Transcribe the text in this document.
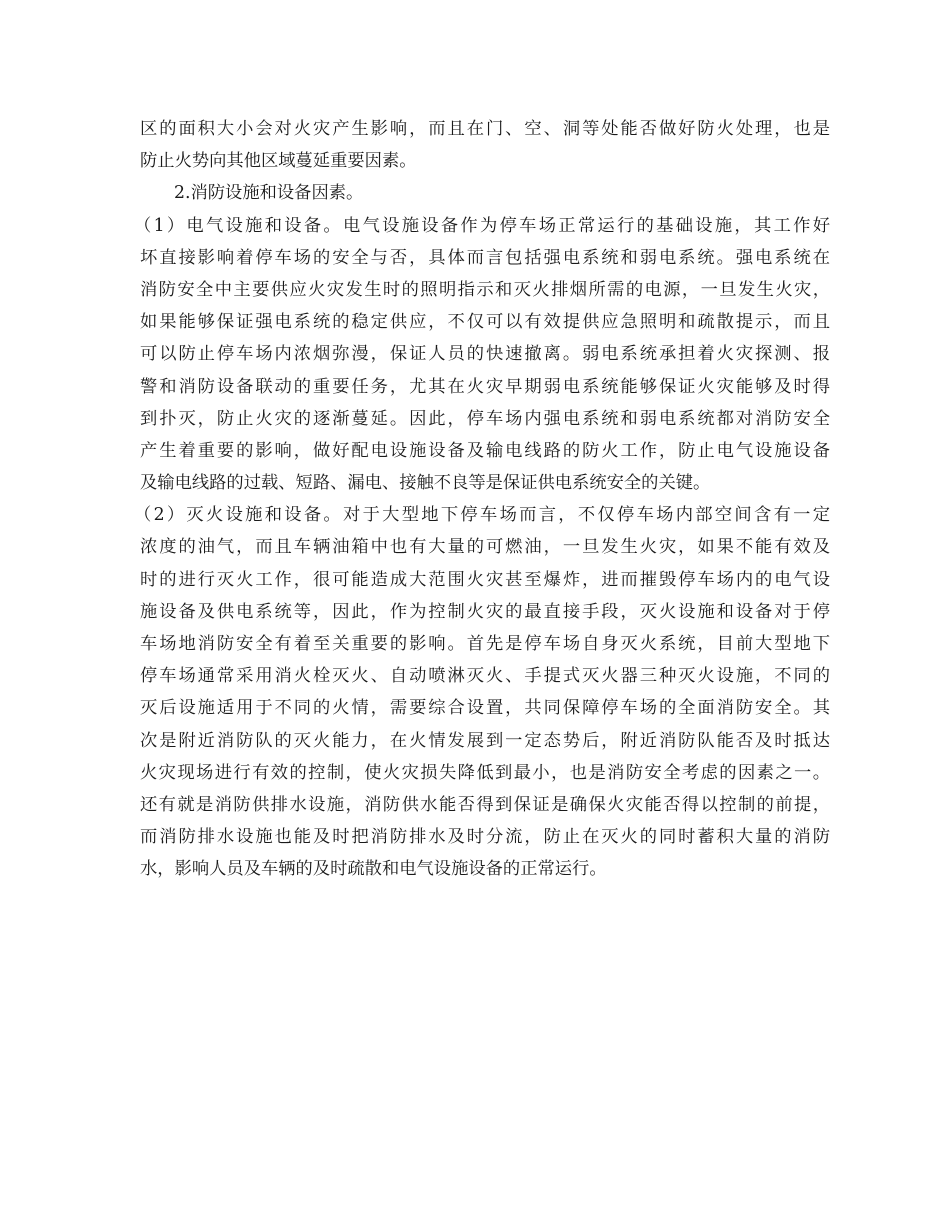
区的面积大小会对火灾产生影响，而且在门、空、洞等处能否做好防火处理，也是
防止火势向其他区域蔓延重要因素。
2.消防设施和设备因素。
（1）电气设施和设备。电气设施设备作为停车场正常运行的基础设施，其工作好
坏直接影响着停车场的安全与否，具体而言包括强电系统和弱电系统。强电系统在
消防安全中主要供应火灾发生时的照明指示和灭火排烟所需的电源，一旦发生火灾，
如果能够保证强电系统的稳定供应，不仅可以有效提供应急照明和疏散提示，而且
可以防止停车场内浓烟弥漫，保证人员的快速撤离。弱电系统承担着火灾探测、报
警和消防设备联动的重要任务，尤其在火灾早期弱电系统能够保证火灾能够及时得
到扑灭，防止火灾的逐渐蔓延。因此，停车场内强电系统和弱电系统都对消防安全
产生着重要的影响，做好配电设施设备及输电线路的防火工作，防止电气设施设备
及输电线路的过载、短路、漏电、接触不良等是保证供电系统安全的关键。
（2）灭火设施和设备。对于大型地下停车场而言，不仅停车场内部空间含有一定
浓度的油气，而且车辆油箱中也有大量的可燃油，一旦发生火灾，如果不能有效及
时的进行灭火工作，很可能造成大范围火灾甚至爆炸，进而摧毁停车场内的电气设
施设备及供电系统等，因此，作为控制火灾的最直接手段，灭火设施和设备对于停
车场地消防安全有着至关重要的影响。首先是停车场自身灭火系统，目前大型地下
停车场通常采用消火栓灭火、自动喷淋灭火、手提式灭火器三种灭火设施，不同的
灭后设施适用于不同的火情，需要综合设置，共同保障停车场的全面消防安全。其
次是附近消防队的灭火能力，在火情发展到一定态势后，附近消防队能否及时抵达
火灾现场进行有效的控制，使火灾损失降低到最小，也是消防安全考虑的因素之一。
还有就是消防供排水设施，消防供水能否得到保证是确保火灾能否得以控制的前提，
而消防排水设施也能及时把消防排水及时分流，防止在灭火的同时蓄积大量的消防
水，影响人员及车辆的及时疏散和电气设施设备的正常运行。
